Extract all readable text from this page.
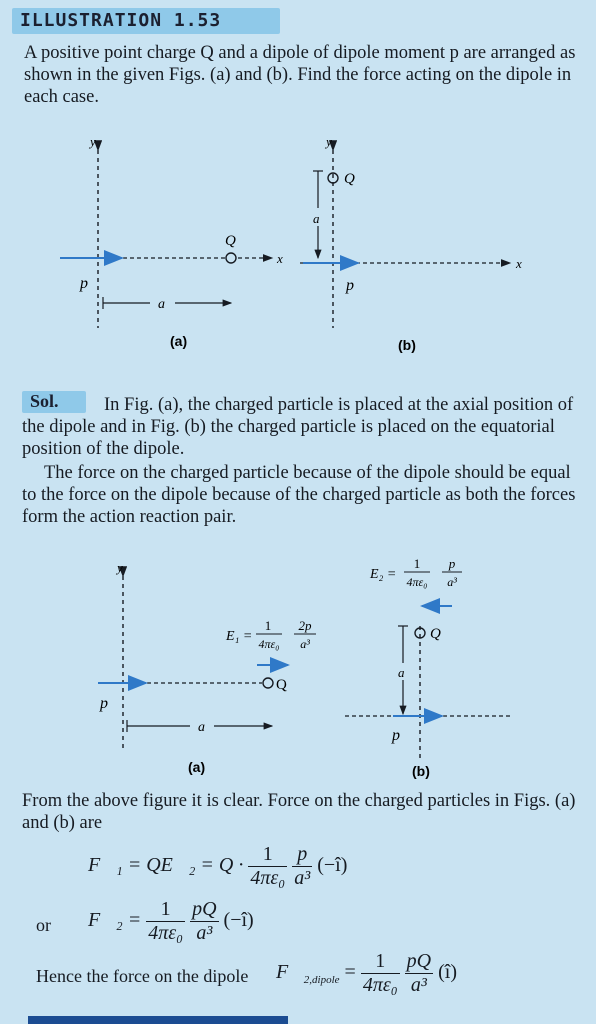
ILLUSTRATION 1.53

A positive point charge Q and a dipole of dipole moment p are arranged as shown in the given Figs. (a) and (b). Find the force acting on the dipole in each case.

y
Q
x
p⃗
a
(a)
y
Q
a
x
p⃗
(b)
Sol.	In Fig. (a), the charged particle is placed at the axial position of the dipole and in Fig. (b) the charged particle is placed on the equatorial position of the dipole.

The force on the charged particle because of the dipole should be equal to the force on the dipole because of the charged particle as both the forces form the action reaction pair.

y
Q
p⃗
E₁ =
1
4πε₀
2p
a³
a
(a)
E₂ =
1
4πε₀
p
a³
Q
a
p⃗
(b)

From the above figure it is clear. Force on the charged particles in Figs. (a) and (b) are

F⃗₁ = QE⃗₂ = $Q \cdot \frac{1}{\text{4πε₀}}$
$\frac{p}{\text{a³}}$ (−î)
or F⃗₂ = $\frac{1}{\text{4πε₀}}$
$\frac{pQ}{\text{a³}}$ (−î)
Hence the force on the dipole $F⃗_{2,dipole} = \frac{1}{\text{4πε₀}}$
$\frac{pQ}{\text{a³}}$ (î)
